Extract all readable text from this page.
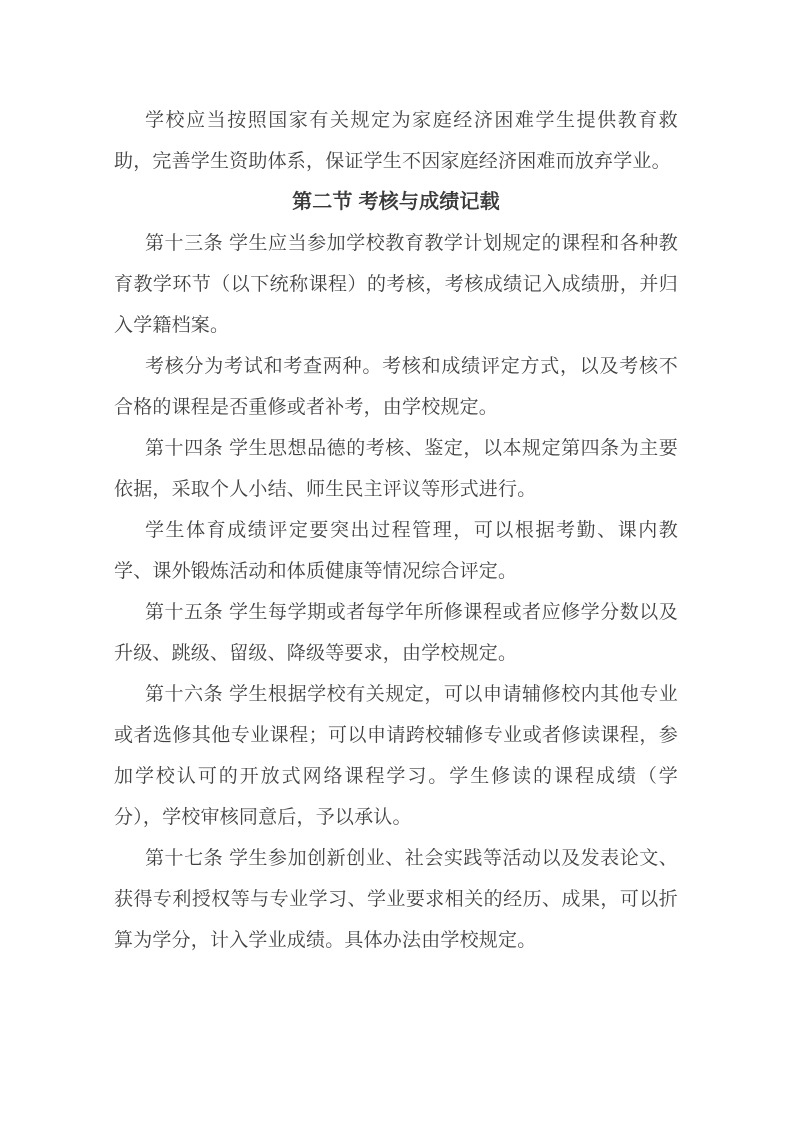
学校应当按照国家有关规定为家庭经济困难学生提供教育救助，完善学生资助体系，保证学生不因家庭经济困难而放弃学业。

第二节 考核与成绩记载

第十三条 学生应当参加学校教育教学计划规定的课程和各种教育教学环节（以下统称课程）的考核，考核成绩记入成绩册，并归入学籍档案。

考核分为考试和考查两种。考核和成绩评定方式，以及考核不合格的课程是否重修或者补考，由学校规定。

第十四条 学生思想品德的考核、鉴定，以本规定第四条为主要依据，采取个人小结、师生民主评议等形式进行。

学生体育成绩评定要突出过程管理，可以根据考勤、课内教学、课外锻炼活动和体质健康等情况综合评定。

第十五条 学生每学期或者每学年所修课程或者应修学分数以及升级、跳级、留级、降级等要求，由学校规定。

第十六条 学生根据学校有关规定，可以申请辅修校内其他专业或者选修其他专业课程；可以申请跨校辅修专业或者修读课程，参加学校认可的开放式网络课程学习。学生修读的课程成绩（学分），学校审核同意后，予以承认。

第十七条 学生参加创新创业、社会实践等活动以及发表论文、获得专利授权等与专业学习、学业要求相关的经历、成果，可以折算为学分，计入学业成绩。具体办法由学校规定。
